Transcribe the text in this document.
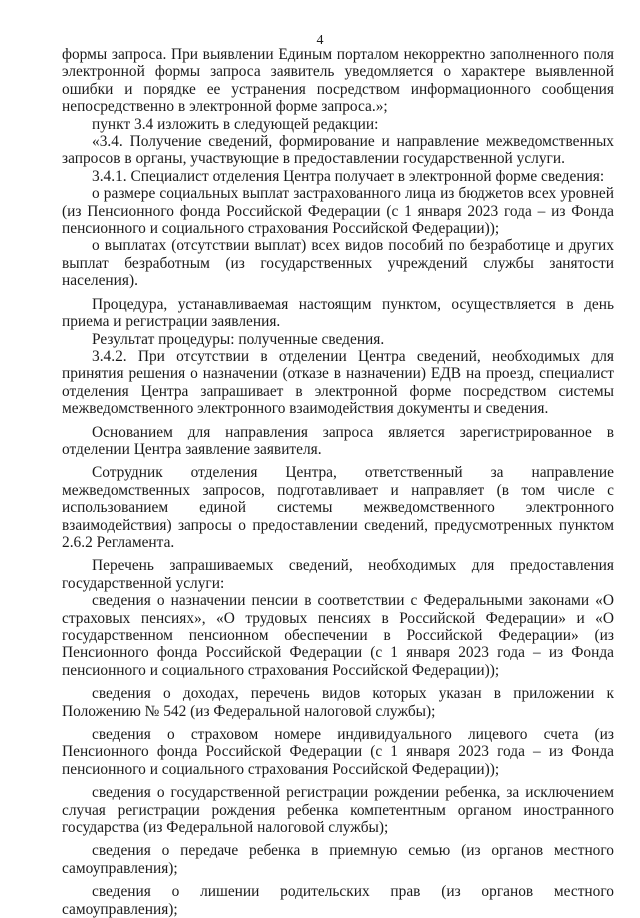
4

формы запроса. При выявлении Единым порталом некорректно заполненного поля электронной формы запроса заявитель уведомляется о характере выявленной ошибки и порядке ее устранения посредством информационного сообщения непосредственно в электронной форме запроса.»;

пункт 3.4 изложить в следующей редакции:

«3.4. Получение сведений, формирование и направление межведомственных запросов в органы, участвующие в предоставлении государственной услуги.

3.4.1. Специалист отделения Центра получает в электронной форме сведения:

о размере социальных выплат застрахованного лица из бюджетов всех уровней (из Пенсионного фонда Российской Федерации (с 1 января 2023 года – из Фонда пенсионного и социального страхования Российской Федерации));

о выплатах (отсутствии выплат) всех видов пособий по безработице и других выплат безработным (из государственных учреждений службы занятости населения).

Процедура, устанавливаемая настоящим пунктом, осуществляется в день приема и регистрации заявления.

Результат процедуры: полученные сведения.

3.4.2. При отсутствии в отделении Центра сведений, необходимых для принятия решения о назначении (отказе в назначении) ЕДВ на проезд, специалист отделения Центра запрашивает в электронной форме посредством системы межведомственного электронного взаимодействия документы и сведения.

Основанием для направления запроса является зарегистрированное в отделении Центра заявление заявителя.

Сотрудник отделения Центра, ответственный за направление межведомственных запросов, подготавливает и направляет (в том числе с использованием единой системы межведомственного электронного взаимодействия) запросы о предоставлении сведений, предусмотренных пунктом 2.6.2 Регламента.

Перечень запрашиваемых сведений, необходимых для предоставления государственной услуги:

сведения о назначении пенсии в соответствии с Федеральными законами «О страховых пенсиях», «О трудовых пенсиях в Российской Федерации» и «О государственном пенсионном обеспечении в Российской Федерации» (из Пенсионного фонда Российской Федерации (с 1 января 2023 года – из Фонда пенсионного и социального страхования Российской Федерации));

сведения о доходах, перечень видов которых указан в приложении к Положению № 542 (из Федеральной налоговой службы);

сведения о страховом номере индивидуального лицевого счета (из Пенсионного фонда Российской Федерации (с 1 января 2023 года – из Фонда пенсионного и социального страхования Российской Федерации));

сведения о государственной регистрации рождении ребенка, за исключением случая регистрации рождения ребенка компетентным органом иностранного государства (из Федеральной налоговой службы);

сведения о передаче ребенка в приемную семью (из органов местного самоуправления);

сведения о лишении родительских прав (из органов местного самоуправления);
